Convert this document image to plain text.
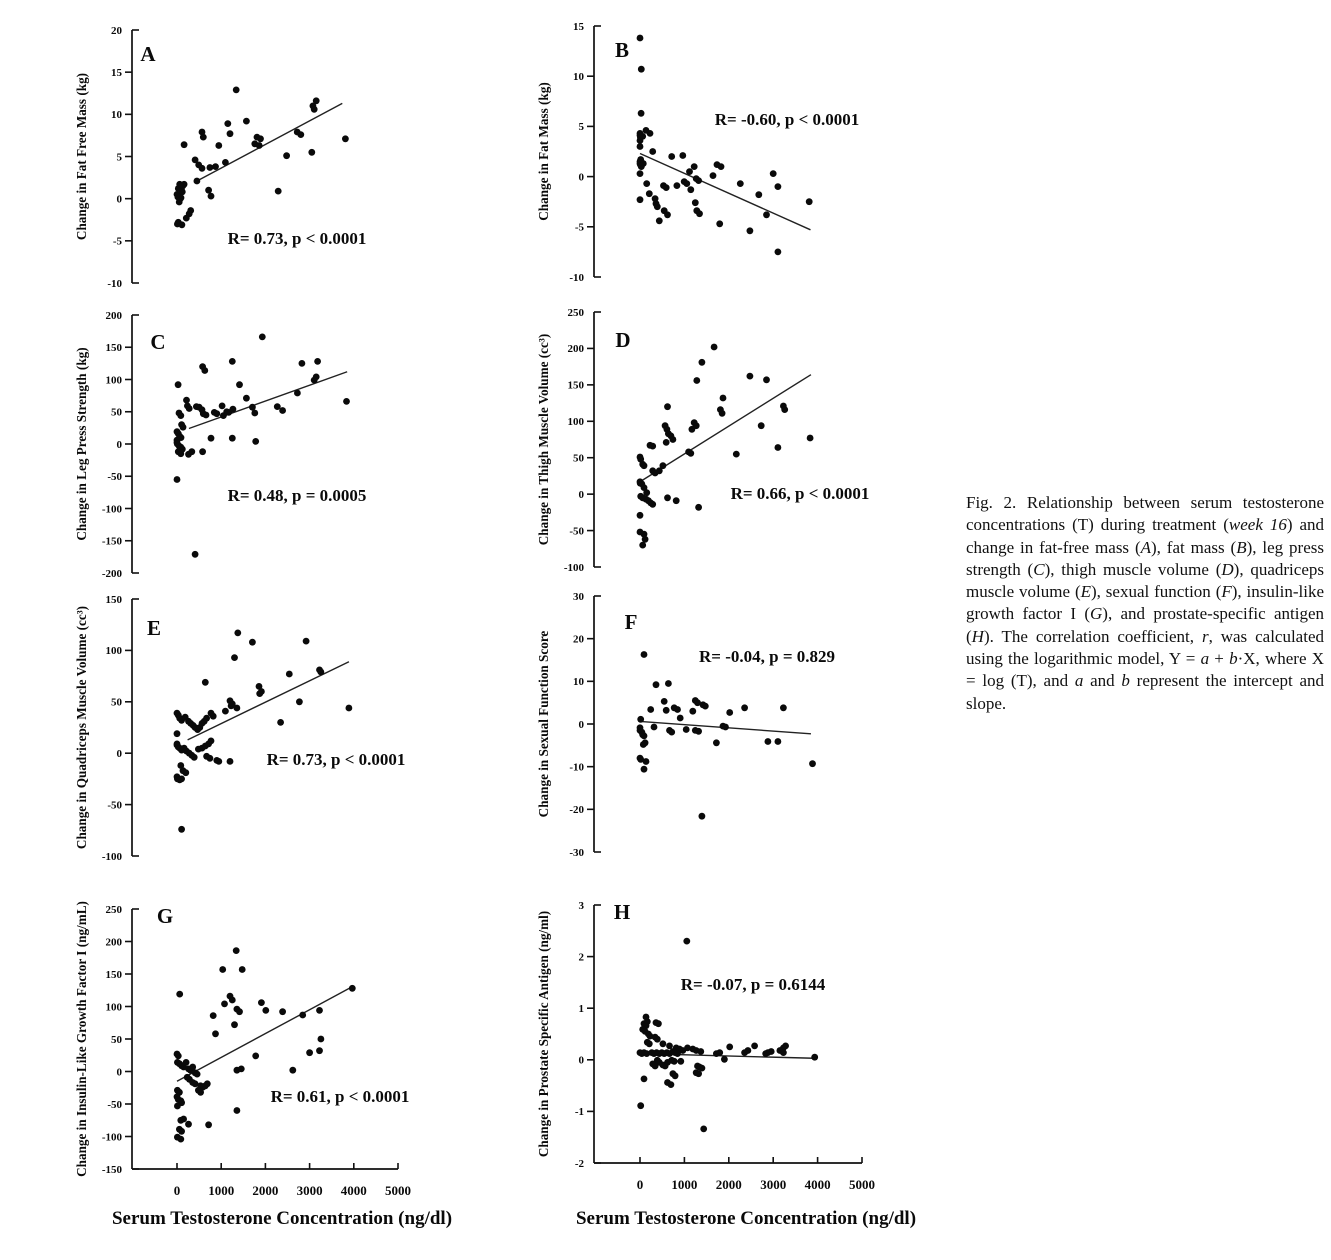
20
15
10
5
0
-5
-10
Change in Fat Free Mass (kg)
A
R= 0.73, p < 0.0001
15
10
5
0
-5
-10
Change in Fat Mass (kg)
B
R= -0.60, p < 0.0001
200
150
100
50
0
-50
-100
-150
-200
Change in Leg Press Strength (kg)
C
R= 0.48, p = 0.0005
250
200
150
100
50
0
-50
-100
Change in Thigh Muscle Volume (cc³)	D
R= 0.66, p < 0.0001
150
100
50
0
-50
-100
Change in Quadriceps Muscle Volume (cc³)	E
R= 0.73, p < 0.0001
30
20
10
0
-10
-20
-30
Change in Sexual Function Score
F
R= -0.04, p = 0.829
250
200
150
100
50
0
-50
-100
-150
Change in Insulin-Like Growth Factor I (ng/mL)	G
R= 0.61, p < 0.0001
0 1000 2000 3000 4000 5000
3
2
1
0
-1
-2
Change in Prostate Specific Antigen (ng/ml)	H
R= -0.07, p = 0.6144
0 1000 2000 3000 4000 5000
Serum Testosterone Concentration (ng/dl)	Serum Testosterone Concentration (ng/dl)
Fig. 2. Relationship between serum testosterone concentrations (T) during treatment (week 16) and change in fat-free mass (A), fat mass (B), leg press strength (C), thigh muscle volume (D), quadriceps muscle volume (E), sexual function (F), insulin-like growth factor I (G), and prostate-specific antigen (H). The correlation coefficient, r, was calculated using the logarithmic model, Y = a + b·X, where X = log (T), and a and b represent the intercept and slope.
